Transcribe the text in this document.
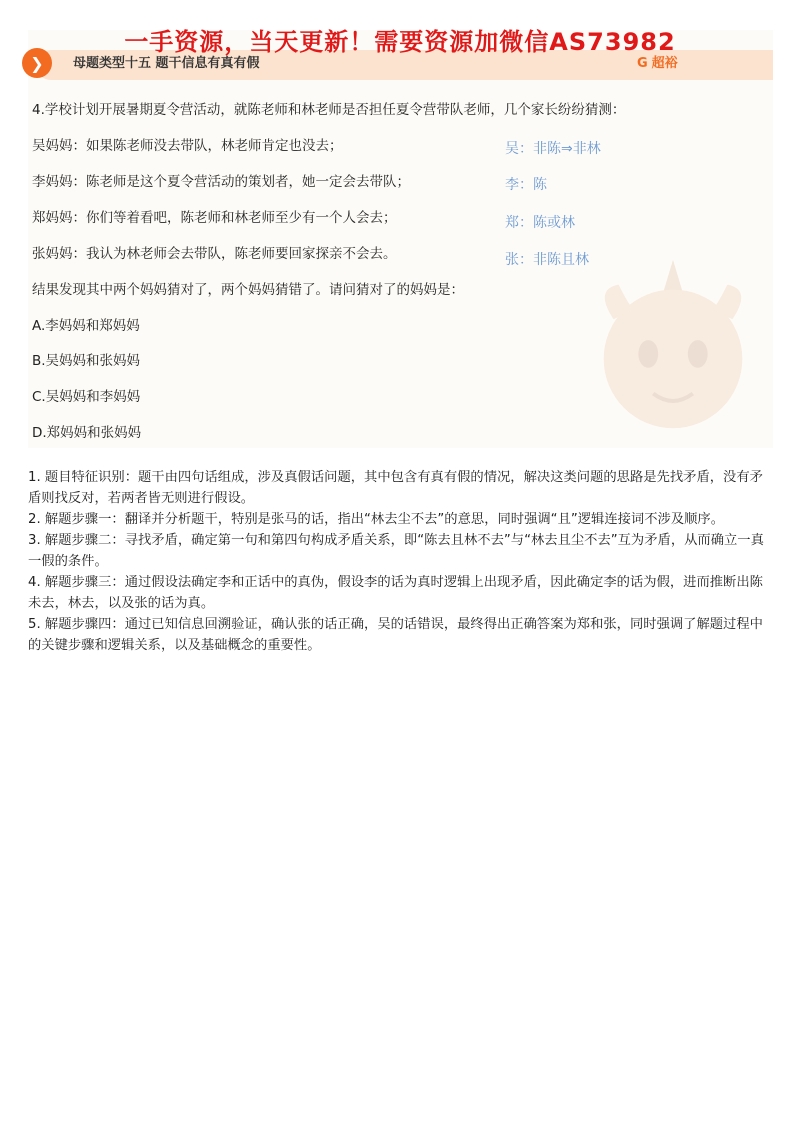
一手资源，当天更新！需要资源加微信AS73982
❯	母题类型十五 题干信息有真有假	G 超裕
4.学校计划开展暑期夏令营活动，就陈老师和林老师是否担任夏令营带队老师，几个家长纷纷猜测：
吴妈妈：如果陈老师没去带队，林老师肯定也没去；
李妈妈：陈老师是这个夏令营活动的策划者，她一定会去带队；
郑妈妈：你们等着看吧，陈老师和林老师至少有一个人会去；
张妈妈：我认为林老师会去带队，陈老师要回家探亲不会去。
吴：非陈⇒非林
李：陈
郑：陈或林
张：非陈且林
结果发现其中两个妈妈猜对了，两个妈妈猜错了。请问猜对了的妈妈是：
A.李妈妈和郑妈妈
B.吴妈妈和张妈妈
C.吴妈妈和李妈妈
D.郑妈妈和张妈妈

1. 题目特征识别：题干由四句话组成，涉及真假话问题，其中包含有真有假的情况，解决这类问题的思路是先找矛盾，没有矛盾则找反对，若两者皆无则进行假设。

2. 解题步骤一：翻译并分析题干，特别是张马的话，指出“林去尘不去”的意思，同时强调“且”逻辑连接词不涉及顺序。

3. 解题步骤二：寻找矛盾，确定第一句和第四句构成矛盾关系，即“陈去且林不去”与“林去且尘不去”互为矛盾，从而确立一真一假的条件。

4. 解题步骤三：通过假设法确定李和正话中的真伪，假设李的话为真时逻辑上出现矛盾，因此确定李的话为假，进而推断出陈未去，林去，以及张的话为真。

5. 解题步骤四：通过已知信息回溯验证，确认张的话正确，吴的话错误，最终得出正确答案为郑和张，同时强调了解题过程中的关键步骤和逻辑关系，以及基础概念的重要性。
